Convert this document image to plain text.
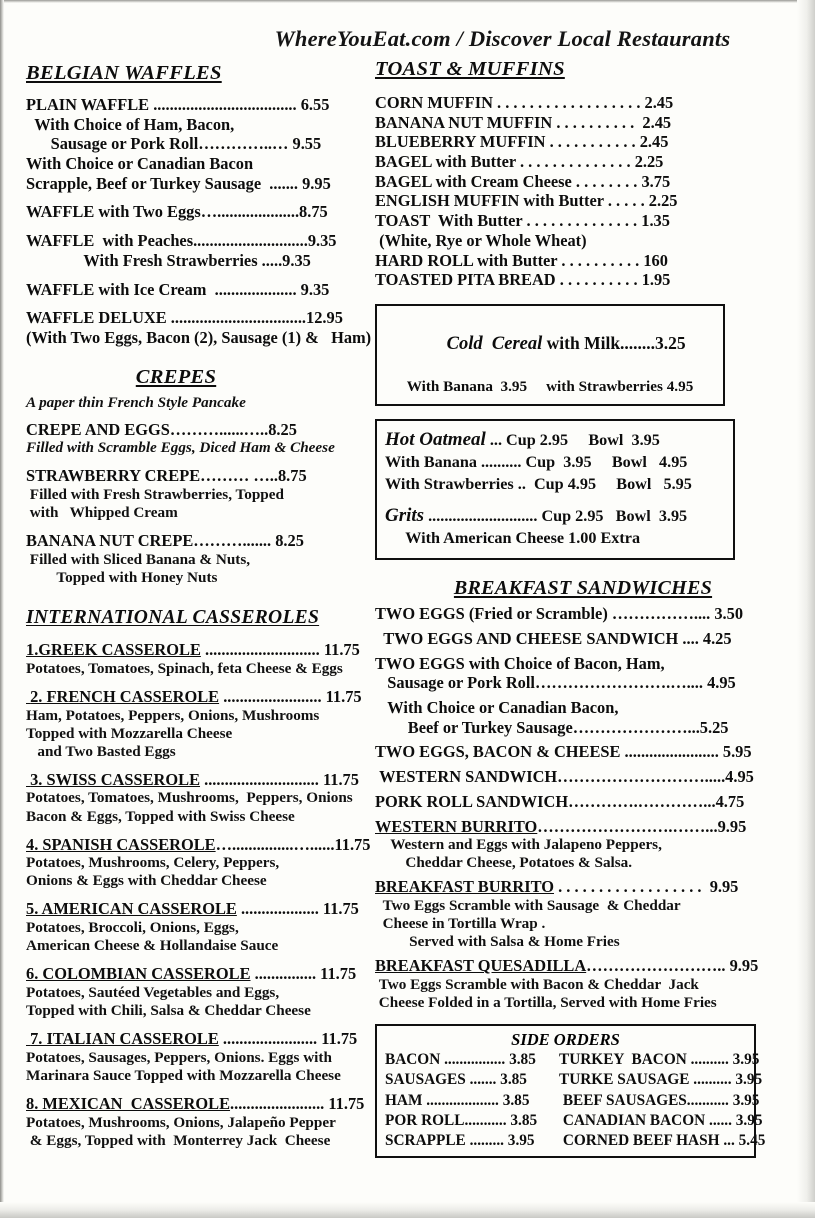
WhereYouEat.com / Discover Local Restaurants
BELGIAN WAFFLES
PLAIN WAFFLE ................................... 6.55
With Choice of Ham, Bacon,
Sausage or Pork Roll…………..… 9.55
With Choice or Canadian Bacon
Scrapple, Beef or Turkey Sausage  ....... 9.95
WAFFLE with Two Eggs…....................8.75
WAFFLE  with Peaches............................9.35
With Fresh Strawberries .....9.35
WAFFLE with Ice Cream  .................... 9.35
WAFFLE DELUXE .................................12.95
(With Two Eggs, Bacon (2), Sausage (1) &   Ham)
CREPES
A paper thin French Style Pancake
CREPE AND EGGS………......…..8.25
Filled with Scramble Eggs, Diced Ham & Cheese
STRAWBERRY CREPE……… …..8.75
Filled with Fresh Strawberries, Topped
with   Whipped Cream
BANANA NUT CREPE………....... 8.25
Filled with Sliced Banana & Nuts,
Topped with Honey Nuts
INTERNATIONAL CASSEROLES
1.GREEK CASSEROLE ............................ 11.75
Potatoes, Tomatoes, Spinach, feta Cheese & Eggs
2. FRENCH CASSEROLE ........................ 11.75
Ham, Potatoes, Peppers, Onions, Mushrooms
Topped with Mozzarella Cheese
and Two Basted Eggs
3. SWISS CASSEROLE ............................ 11.75
Potatoes, Tomatoes, Mushrooms,  Peppers, Onions
Bacon & Eggs, Topped with Swiss Cheese
4. SPANISH CASSEROLE…...............…......11.75
Potatoes, Mushrooms, Celery, Peppers,
Onions & Eggs with Cheddar Cheese
5. AMERICAN CASSEROLE ................... 11.75
Potatoes, Broccoli, Onions, Eggs,
American Cheese & Hollandaise Sauce
6. COLOMBIAN CASSEROLE ............... 11.75
Potatoes, Sautéed Vegetables and Eggs,
Topped with Chili, Salsa & Cheddar Cheese
7. ITALIAN CASSEROLE ....................... 11.75
Potatoes, Sausages, Peppers, Onions. Eggs with
Marinara Sauce Topped with Mozzarella Cheese
8. MEXICAN  CASSEROLE....................... 11.75
Potatoes, Mushrooms, Onions, Jalapeño Pepper
& Eggs, Topped with  Monterrey Jack  Cheese
TOAST & MUFFINS
CORN MUFFIN . . . . . . . . . . . . . . . . . . 2.45
BANANA NUT MUFFIN . . . . . . . . . .  2.45
BLUEBERRY MUFFIN . . . . . . . . . . . 2.45
BAGEL with Butter . . . . . . . . . . . . . . 2.25
BAGEL with Cream Cheese . . . . . . . . 3.75
ENGLISH MUFFIN with Butter . . . . . 2.25
TOAST  With Butter . . . . . . . . . . . . . . 1.35
(White, Rye or Whole Wheat)
HARD ROLL with Butter . . . . . . . . . . 160
TOASTED PITA BREAD . . . . . . . . . . 1.95

Cold  Cereal with Milk........3.25

With Banana  3.95     with Strawberries 4.95
Hot Oatmeal ... Cup 2.95     Bowl  3.95
With Banana .......... Cup  3.95     Bowl   4.95
With Strawberries ..  Cup 4.95     Bowl   5.95
Grits ........................... Cup 2.95   Bowl  3.95
With American Cheese 1.00 Extra
BREAKFAST SANDWICHES
TWO EGGS (Fried or Scramble) …………….... 3.50
TWO EGGS AND CHEESE SANDWICH .... 4.25
TWO EGGS with Choice of Bacon, Ham,
Sausage or Pork Roll…………………….….... 4.95
With Choice or Canadian Bacon,
Beef or Turkey Sausage…………………...5.25
TWO EGGS, BACON & CHEESE ....................... 5.95
WESTERN SANDWICH……………………….....4.95
PORK ROLL SANDWICH………….…………...4.75
WESTERN BURRITO…………………….……...9.95
Western and Eggs with Jalapeno Peppers,
Cheddar Cheese, Potatoes & Salsa.
BREAKFAST BURRITO . . . . . . . . . . . . . . . . . .  9.95
Two Eggs Scramble with Sausage  & Cheddar
Cheese in Tortilla Wrap .
Served with Salsa & Home Fries
BREAKFAST QUESADILLA…………………….. 9.95
Two Eggs Scramble with Bacon & Cheddar  Jack
Cheese Folded in a Tortilla, Served with Home Fries
SIDE ORDERS
BACON ................ 3.85	TURKEY  BACON .......... 3.95
SAUSAGES ....... 3.85	TURKE SAUSAGE .......... 3.95
HAM ................... 3.85	BEEF SAUSAGES........... 3.95
POR ROLL........... 3.85	CANADIAN BACON ...... 3.95
SCRAPPLE ......... 3.95	CORNED BEEF HASH ... 5.45
